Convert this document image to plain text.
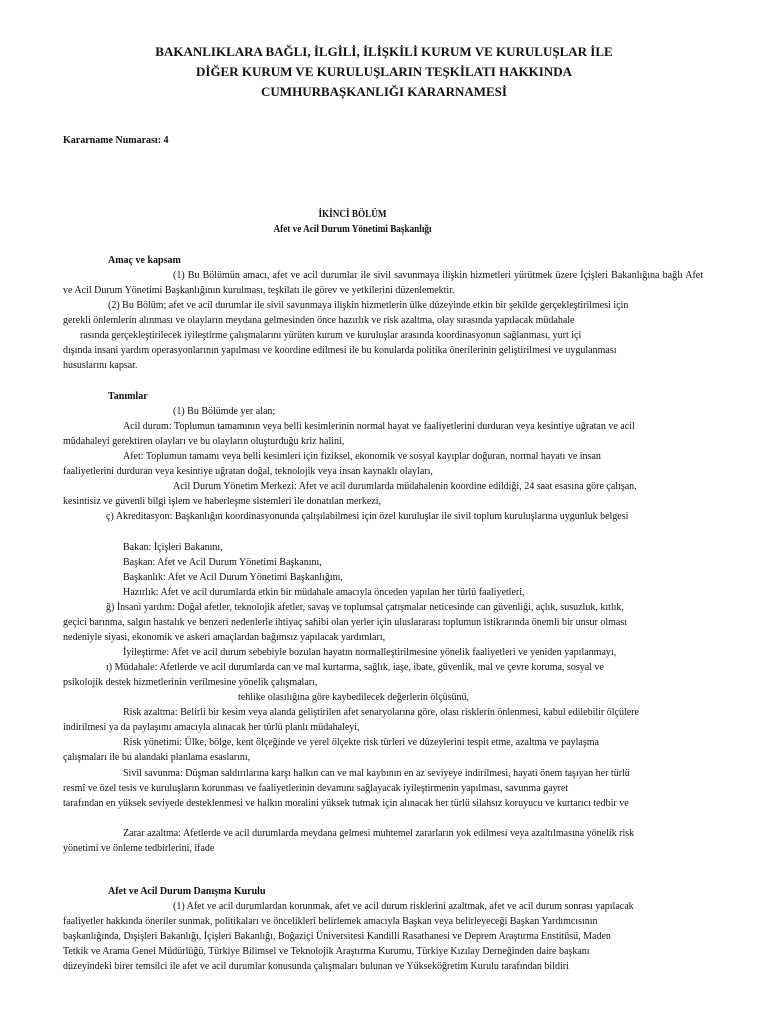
BAKANLIKLARA BAĞLI, İLGİLİ, İLİŞKİLİ KURUM VE KURULUŞLAR İLE
DİĞER KURUM VE KURULUŞLARIN TEŞKİLATI HAKKINDA
CUMHURBAŞKANLIĞI KARARNAMESİ
Kararname Numarası: 4
İKİNCİ BÖLÜM
Afet ve Acil Durum Yönetimi Başkanlığı
Amaç ve kapsam
(1) Bu Bölümün amacı, afet ve acil durumlar ile sivil savunmaya ilişkin hizmetleri yürütmek üzere İçişleri Bakanlığına bağlı Afet ve Acil Durum Yönetimi Başkanlığının kurulması, teşkilatı ile görev ve yetkilerini düzenlemektir.
(2) Bu Bölüm; afet ve acil durumlar ile sivil savunmaya ilişkin hizmetlerin ülke düzeyinde etkin bir şekilde gerçekleştirilmesi için
gerekli önlemlerin alınması ve olayların meydana gelmesinden önce hazırlık ve risk azaltma, olay sırasında yapılacak müdahale
rasında gerçekleştirilecek iyileştirme çalışmalarını yürüten kurum ve kuruluşlar arasında koordinasyonun sağlanması, yurt içi
dışında insani yardım operasyonlarının yapılması ve koordine edilmesi ile bu konularda politika önerilerinin geliştirilmesi ve uygulanması
hususlarını kapsar.
Tanımlar
(1) Bu Bölümde yer alan;
Acil durum: Toplumun tamamının veya belli kesimlerinin normal hayat ve faaliyetlerini durduran veya kesintiye uğratan ve acil
müdahaleyi gerektiren olayları ve bu olayların oluşturduğu kriz halini,
Afet: Toplumun tamamı veya belli kesimleri için fiziksel, ekonomik ve sosyal kayıplar doğuran, normal hayatı ve insan
faaliyetlerini durduran veya kesintiye uğratan doğal, teknolojik veya insan kaynaklı olayları,
Acil Durum Yönetim Merkezi: Afet ve acil durumlarda müdahalenin koordine edildiği, 24 saat esasına göre çalışan,
kesintisiz ve güvenli bilgi işlem ve haberleşme sistemleri ile donatılan merkezi,
ç) Akreditasyon: Başkanlığın koordinasyonunda çalışılabilmesi için özel kuruluşlar ile sivil toplum kuruluşlarına uygunluk belgesi
Bakan: İçişleri Bakanını,
Başkan: Afet ve Acil Durum Yönetimi Başkanını,
Başkanlık: Afet ve Acil Durum Yönetimi Başkanlığını,
Hazırlık: Afet ve acil durumlarda etkin bir müdahale amacıyla önceden yapılan her türlü faaliyetleri,
ğ) İnsani yardım: Doğal afetler, teknolojik afetler, savaş ve toplumsal çatışmalar neticesinde can güvenliği, açlık, susuzluk, kıtlık,
geçici barınma, salgın hastalık ve benzeri nedenlerle ihtiyaç sahibi olan yerler için uluslararası toplumun istikrarında önemli bir unsur olması
nedeniyle siyasi, ekonomik ve askeri amaçlardan bağımsız yapılacak yardımları,
İyileştirme: Afet ve acil durum sebebiyle bozulan hayatın normalleştirilmesine yönelik faaliyetleri ve yeniden yapılanmayı,
ı) Müdahale: Afetlerde ve acil durumlarda can ve mal kurtarma, sağlık, iaşe, ibate, güvenlik, mal ve çevre koruma, sosyal ve
psikolojik destek hizmetlerinin verilmesine yönelik çalışmaları,
tehlike olasılığına göre kaybedilecek değerlerin ölçüsünü,
Risk azaltma: Belirli bir kesim veya alanda geliştirilen afet senaryolarına göre, olası risklerin önlenmesi, kabul edilebilir ölçülere
indirilmesi ya da paylaşımı amacıyla alınacak her türlü planlı müdahaleyi,
Risk yönetimi: Ülke, bölge, kent ölçeğinde ve yerel ölçekte risk türleri ve düzeylerini tespit etme, azaltma ve paylaşma
çalışmaları ile bu alandaki planlama esaslarını,
Sivil savunma: Düşman saldırılarına karşı halkın can ve mal kaybının en az seviyeye indirilmesi, hayati önem taşıyan her türlü
resmî ve özel tesis ve kuruluşların korunması ve faaliyetlerinin devamını sağlayacak iyileştirmenin yapılması, savunma gayret
tarafından en yüksek seviyede desteklenmesi ve halkın moralini yüksek tutmak için alınacak her türlü silahsız koruyucu ve kurtarıcı tedbir ve
Zarar azaltma: Afetlerde ve acil durumlarda meydana gelmesi muhtemel zararların yok edilmesi veya azaltılmasına yönelik risk
yönetimi ve önleme tedbirlerini, ifade
Afet ve Acil Durum Danışma Kurulu
(1) Afet ve acil durumlardan korunmak, afet ve acil durum risklerini azaltmak, afet ve acil durum sonrası yapılacak
faaliyetler hakkında öneriler sunmak, politikaları ve öncelikleri belirlemek amacıyla Başkan veya belirleyeceği Başkan Yardımcısının
başkanlığında, Dışişleri Bakanlığı, İçişleri Bakanlığı, Boğaziçi Üniversitesi Kandilli Rasathanesi ve Deprem Araştırma Enstitüsü, Maden
Tetkik ve Arama Genel Müdürlüğü, Türkiye Bilimsel ve Teknolojik Araştırma Kurumu, Türkiye Kızılay Derneğinden daire başkanı
düzeyindeki birer temsilci ile afet ve acil durumlar konusunda çalışmaları bulunan ve Yükseköğretim Kurulu tarafından bildiri
